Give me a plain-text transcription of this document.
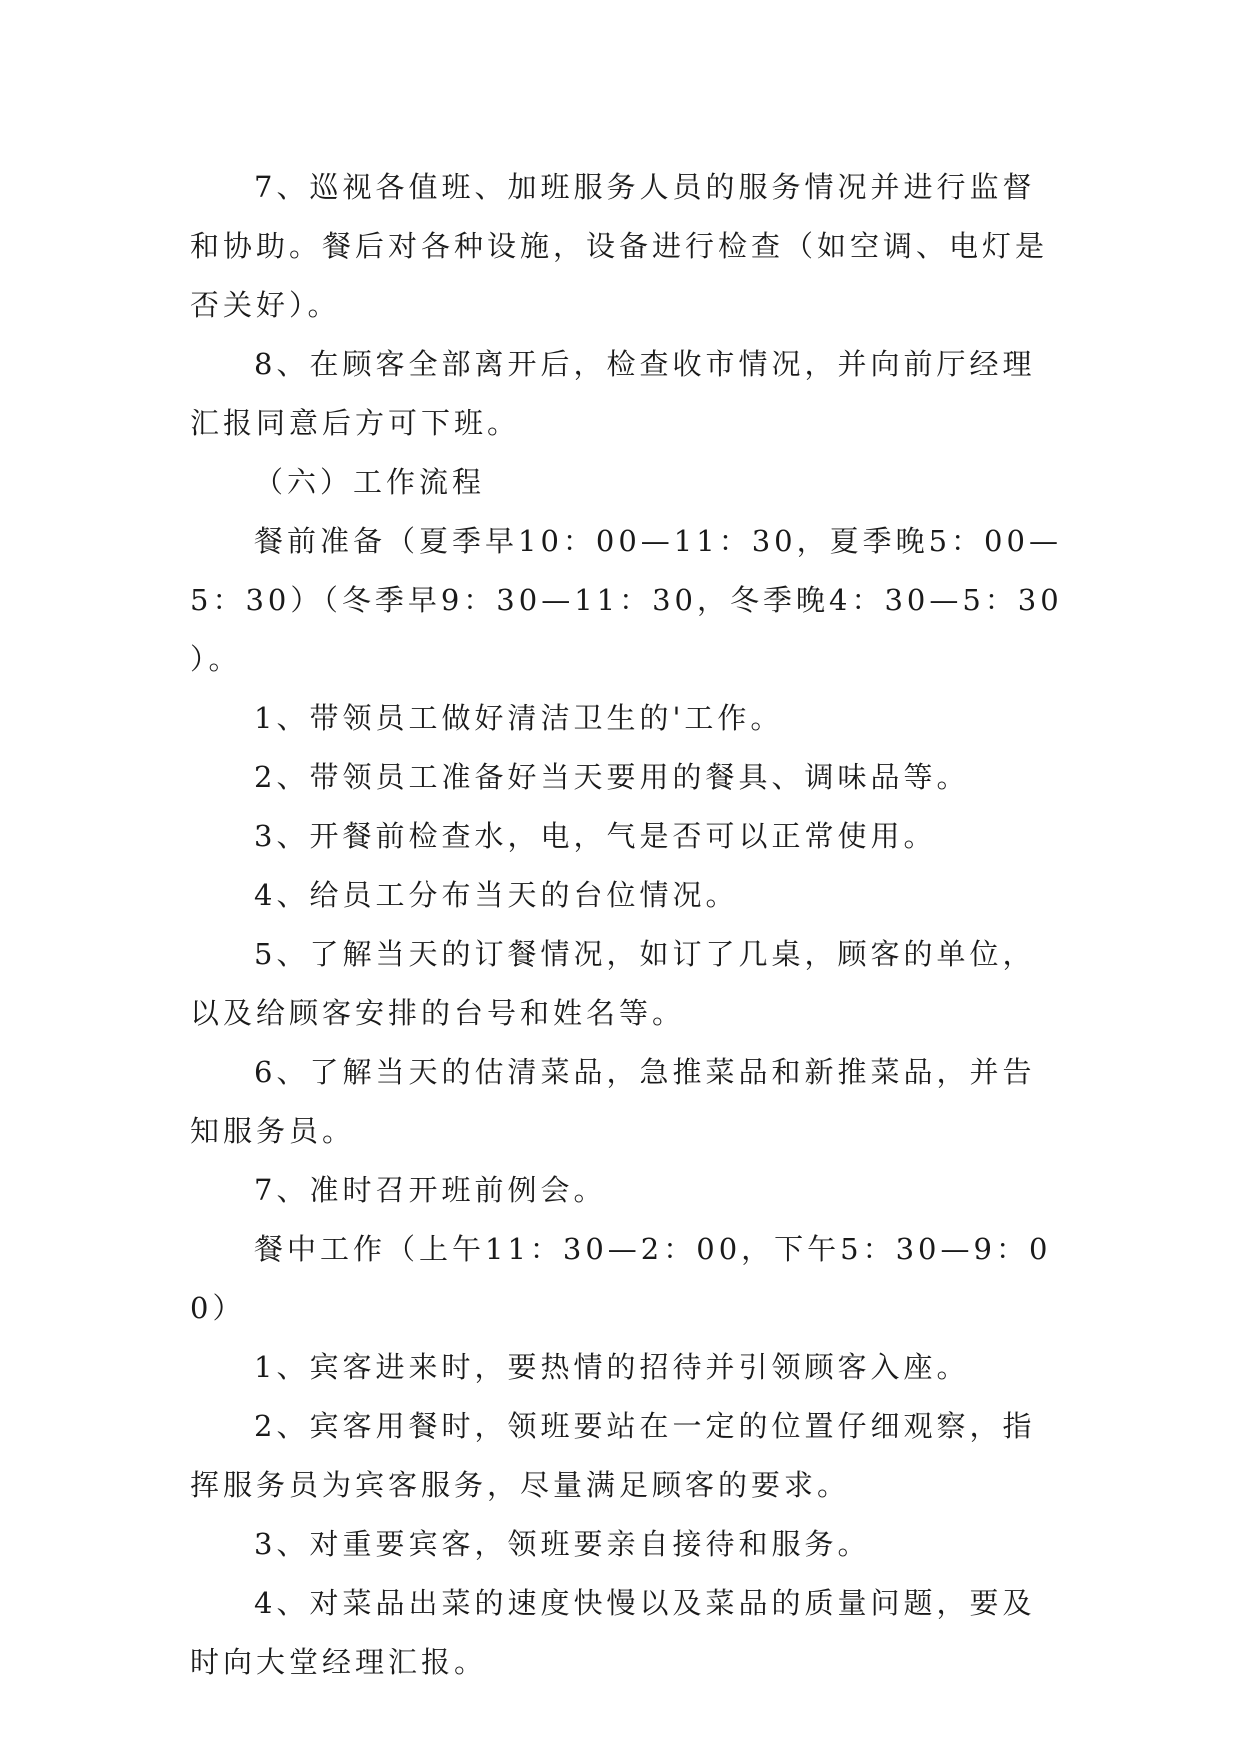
7、巡视各值班、加班服务人员的服务情况并进行监督和协助。餐后对各种设施，设备进行检查（如空调、电灯是否关好）。

8、在顾客全部离开后，检查收市情况，并向前厅经理汇报同意后方可下班。

（六）工作流程

餐前准备（夏季早10：00—11：30，夏季晚5：00—5：30）（冬季早9：30—11：30，冬季晚4：30—5：30 ）。

1、带领员工做好清洁卫生的'工作。

2、带领员工准备好当天要用的餐具、调味品等。

3、开餐前检查水，电，气是否可以正常使用。

4、给员工分布当天的台位情况。

5、了解当天的订餐情况，如订了几桌，顾客的单位，以及给顾客安排的台号和姓名等。

6、了解当天的估清菜品，急推菜品和新推菜品，并告知服务员。

7、准时召开班前例会。

餐中工作（上午11：30—2：00，下午5：30—9：00）

1、宾客进来时，要热情的招待并引领顾客入座。

2、宾客用餐时，领班要站在一定的位置仔细观察，指挥服务员为宾客服务，尽量满足顾客的要求。

3、对重要宾客，领班要亲自接待和服务。

4、对菜品出菜的速度快慢以及菜品的质量问题，要及时向大堂经理汇报。
